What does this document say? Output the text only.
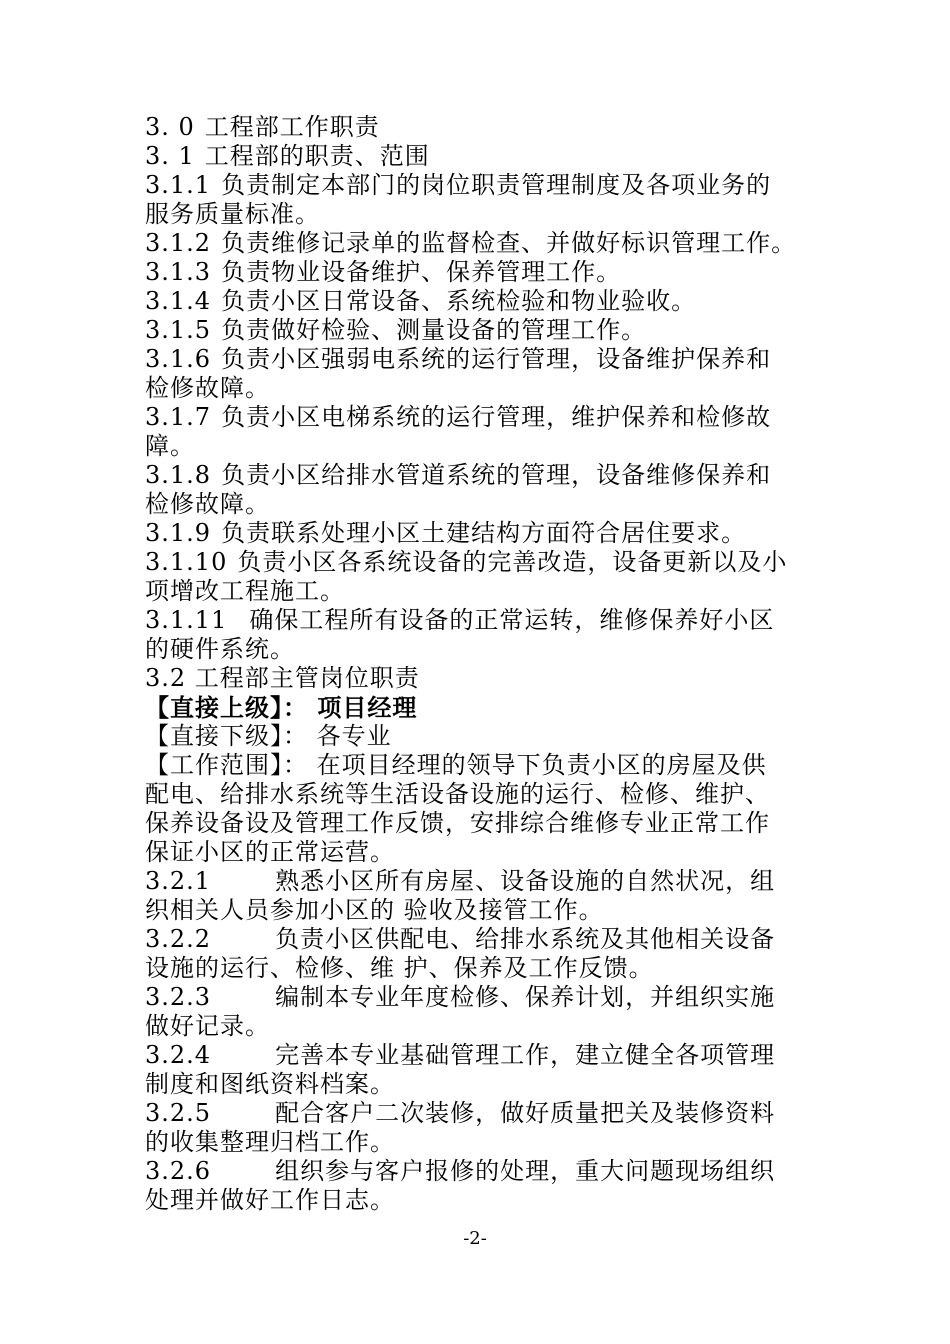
3. 0 工程部工作职责
3. 1 工程部的职责、范围
3.1.1 负责制定本部门的岗位职责管理制度及各项业务的
服务质量标准。
3.1.2 负责维修记录单的监督检查、并做好标识管理工作。
3.1.3 负责物业设备维护、保养管理工作。
3.1.4 负责小区日常设备、系统检验和物业验收。
3.1.5 负责做好检验、测量设备的管理工作。
3.1.6 负责小区强弱电系统的运行管理，设备维护保养和
检修故障。
3.1.7 负责小区电梯系统的运行管理，维护保养和检修故
障。
3.1.8 负责小区给排水管道系统的管理，设备维修保养和
检修故障。
3.1.9 负责联系处理小区土建结构方面符合居住要求。
3.1.10 负责小区各系统设备的完善改造，设备更新以及小
项增改工程施工。
3.1.11 确保工程所有设备的正常运转，维修保养好小区
的硬件系统。
3.2 工程部主管岗位职责
【直接上级】： 项目经理
【直接下级】： 各专业
【工作范围】： 在项目经理的领导下负责小区的房屋及供
配电、给排水系统等生活设备设施的运行、检修、维护、
保养设备设及管理工作反馈，安排综合维修专业正常工作
保证小区的正常运营。
3.2.1	熟悉小区所有房屋、设备设施的自然状况，组
织相关人员参加小区的 验收及接管工作。
3.2.2	负责小区供配电、给排水系统及其他相关设备
设施的运行、检修、维 护、保养及工作反馈。
3.2.3	编制本专业年度检修、保养计划，并组织实施
做好记录。
3.2.4	完善本专业基础管理工作，建立健全各项管理
制度和图纸资料档案。
3.2.5	配合客户二次装修，做好质量把关及装修资料
的收集整理归档工作。
3.2.6	组织参与客户报修的处理，重大问题现场组织
处理并做好工作日志。
-2-
